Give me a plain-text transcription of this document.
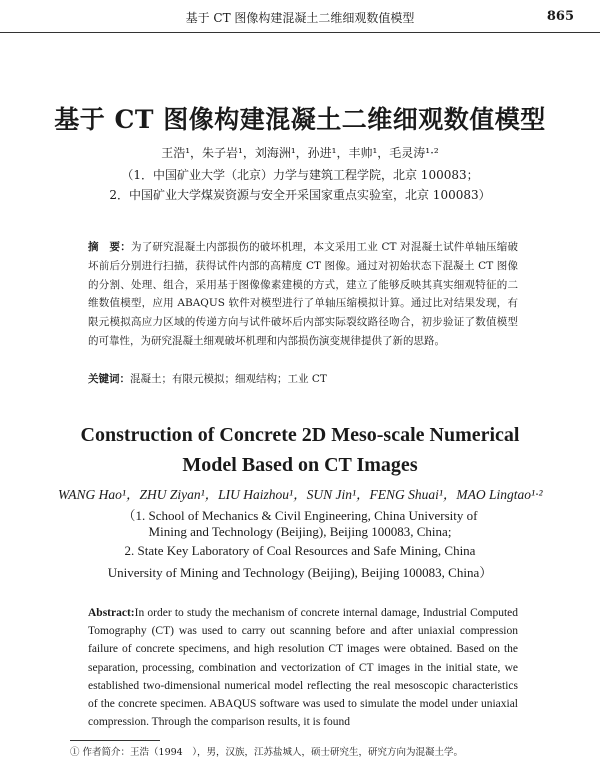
基于 CT 图像构建混凝土二维细观数值模型	865
基于 CT 图像构建混凝土二维细观数值模型
王浩¹，朱子岩¹，刘海洲¹，孙进¹，丰帅¹，毛灵涛¹·²
（1．中国矿业大学（北京）力学与建筑工程学院，北京 100083；
2．中国矿业大学煤炭资源与安全开采国家重点实验室，北京 100083）

摘　要：为了研究混凝土内部损伤的破坏机理，本文采用工业 CT 对混凝土试件单轴压缩破坏前后分别进行扫描，获得试件内部的高精度 CT 图像。通过对初始状态下混凝土 CT 图像的分割、处理、组合，采用基于图像像素建模的方式，建立了能够反映其真实细观特征的二维数值模型，应用 ABAQUS 软件对模型进行了单轴压缩模拟计算。通过比对结果发现，有限元模拟高应力区域的传递方向与试件破坏后内部实际裂纹路径吻合，初步验证了数值模型的可靠性，为研究混凝土细观破坏机理和内部损伤演变规律提供了新的思路。

关键词：混凝土；有限元模拟；细观结构；工业 CT
Construction of Concrete 2D Meso-scale Numerical
Model Based on CT Images
WANG Hao¹，ZHU Ziyan¹，LIU Haizhou¹，SUN Jin¹，FENG Shuai¹，MAO Lingtao¹·²
（1. School of Mechanics & Civil Engineering, China University of
Mining and Technology (Beijing), Beijing 100083, China;
2. State Key Laboratory of Coal Resources and Safe Mining, China
University of Mining and Technology (Beijing), Beijing 100083, China）

Abstract:In order to study the mechanism of concrete internal damage, Industrial Computed Tomography (CT) was used to carry out scanning before and after uniaxial compression failure of concrete specimens, and high resolution CT images were obtained. Based on the separation, processing, combination and vectorization of CT images in the initial state, we established two-dimensional numerical model reflecting the real mesoscopic characteristics of the concrete specimen. ABAQUS software was used to simulate the model under uniaxial compression. Through the comparison results, it is found

① 作者简介：王浩（1994　），男，汉族，江苏盐城人，硕士研究生，研究方向为混凝土学。
